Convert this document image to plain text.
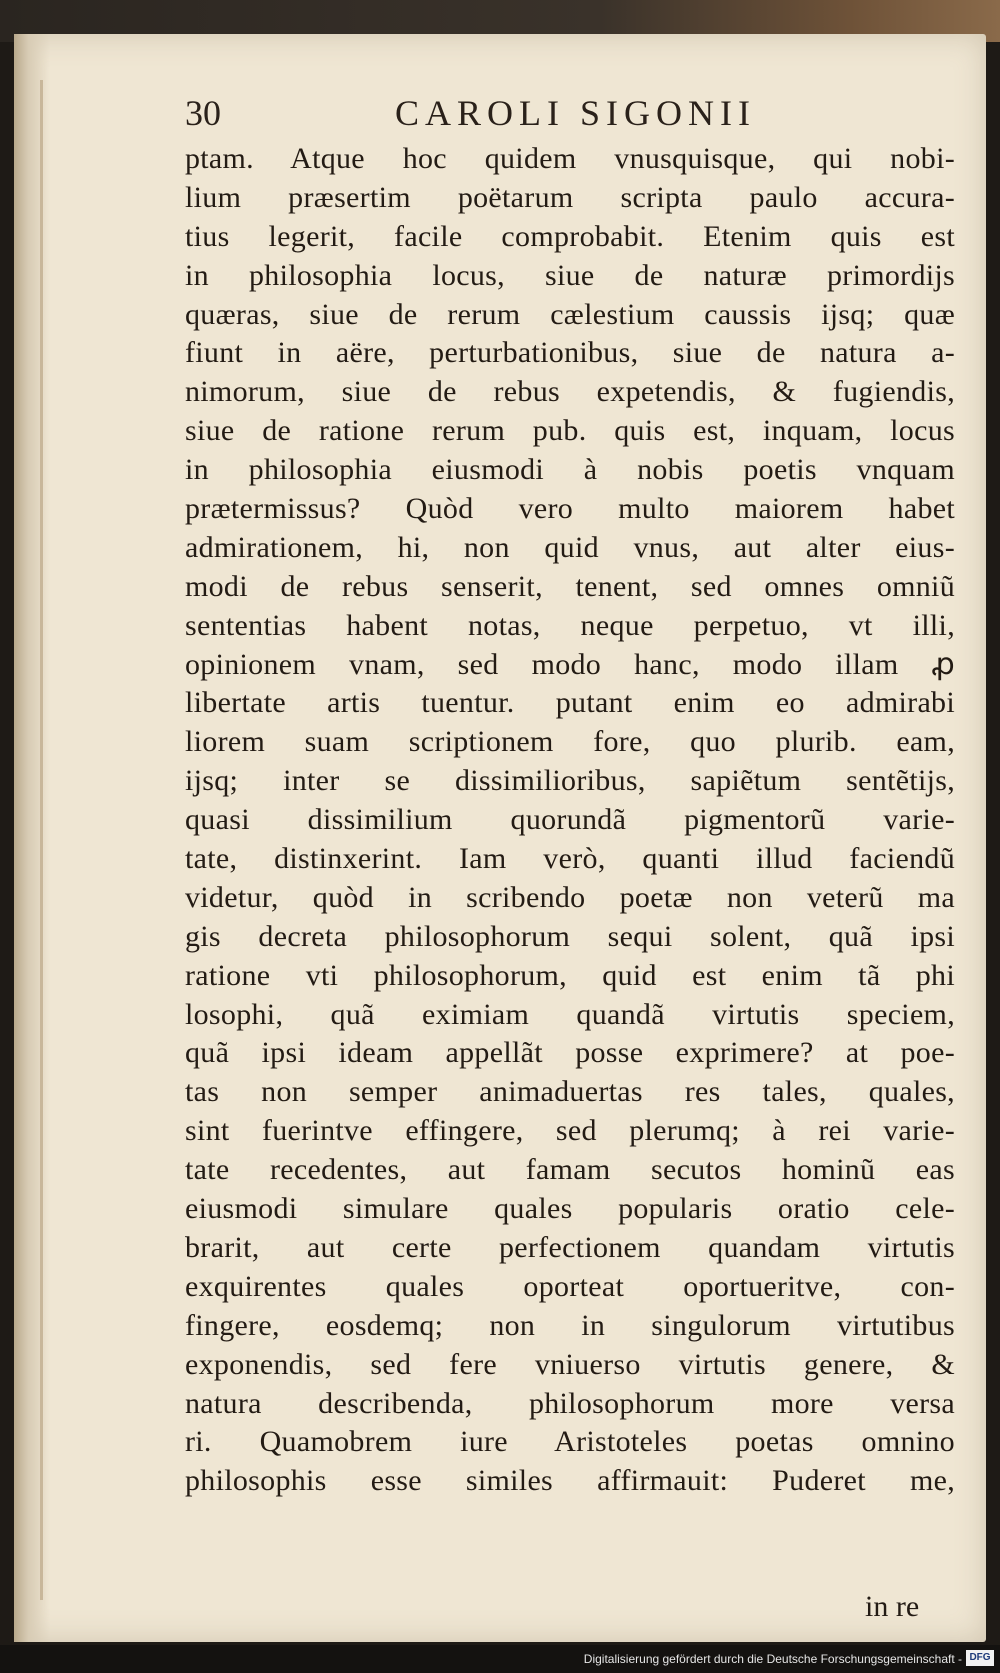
30	CAROLI SIGONII
ptam. Atque hoc quidem vnusquisque, qui nobi-
lium præsertim poëtarum scripta paulo accura-
tius legerit, facile comprobabit. Etenim quis est
in philosophia locus, siue de naturæ primordijs
quæras, siue de rerum cælestium caussis ijsq; quæ
fiunt in aëre, perturbationibus, siue de natura a-
nimorum, siue de rebus expetendis, & fugiendis,
siue de ratione rerum pub. quis est, inquam, locus
in philosophia eiusmodi à nobis poetis vnquam
prætermissus? Quòd vero multo maiorem habet
admirationem, hi, non quid vnus, aut alter eius-
modi de rebus senserit, tenent, sed omnes omniũ
sententias habent notas, neque perpetuo, vt illi,
opinionem vnam, sed modo hanc, modo illam ꝓ
libertate artis tuentur. putant enim eo admirabi
liorem suam scriptionem fore, quo plurib. eam,
ijsq; inter se dissimilioribus, sapiẽtum sentẽtijs,
quasi dissimilium quorundã pigmentorũ varie-
tate, distinxerint. Iam verò, quanti illud faciendũ
videtur, quòd in scribendo poetæ non veterũ ma
gis decreta philosophorum sequi solent, quã ipsi
ratione vti philosophorum, quid est enim tã phi
losophi, quã eximiam quandã virtutis speciem,
quã ipsi ideam appellãt posse exprimere? at poe-
tas non semper animaduertas res tales, quales,
sint fuerintve effingere, sed plerumq; à rei varie-
tate recedentes, aut famam secutos hominũ eas
eiusmodi simulare quales popularis oratio cele-
brarit, aut certe perfectionem quandam virtutis
exquirentes quales oporteat oportueritve, con-
fingere, eosdemq; non in singulorum virtutibus
exponendis, sed fere vniuerso virtutis genere, &
natura describenda, philosophorum more versa
ri. Quamobrem iure Aristoteles poetas omnino
philosophis esse similes affirmauit: Puderet me,
in re
Digitalisierung gefördert durch die Deutsche Forschungsgemeinschaft - DFG
